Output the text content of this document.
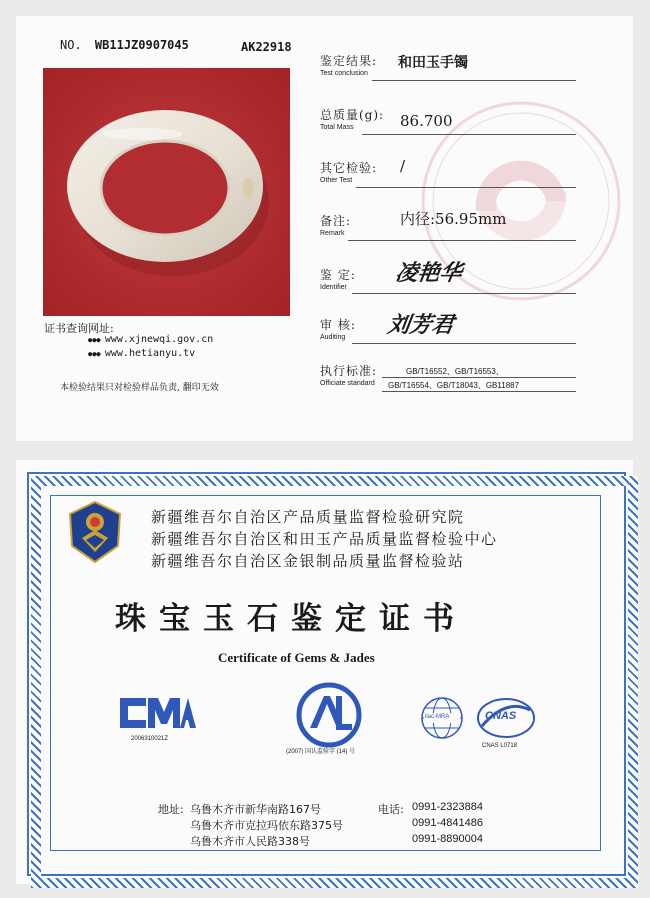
NO. WB11JZ0907045	AK22918
证书查询网址:
●●● www.xjnewqi.gov.cn
●●● www.hetianyu.tv
本检验结果只对检验样品负责, 翻印无效
鉴定结果:
Test conclusion
和田玉手镯
总质量(g):
Total Mass	86.700
其它检验:
Other Test
/
备注:
Remark
内径:56.95mm
鉴 定:
Identifier
凌艳华
审 核:
Auditing 刘芳君
执行标准:
Officiate standard
GB/T16552、GB/T16553、
GB/T16554、GB/T18043、GB11887
新疆维吾尔自治区产品质量监督检验研究院
新疆维吾尔自治区和田玉产品质量监督检验中心
新疆维吾尔自治区金银制品质量监督检验站
珠宝玉石鉴定证书
Certificate of Gems & Jades
2006310021Z
(2007) 国认监验字 (14) 号
ilac-MRA	CNAS
CNAS L0718
地址: 乌鲁木齐市新华南路167号
乌鲁木齐市克拉玛依东路375号
乌鲁木齐市人民路338号
电话: 0991-2323884
0991-4841486
0991-8890004
